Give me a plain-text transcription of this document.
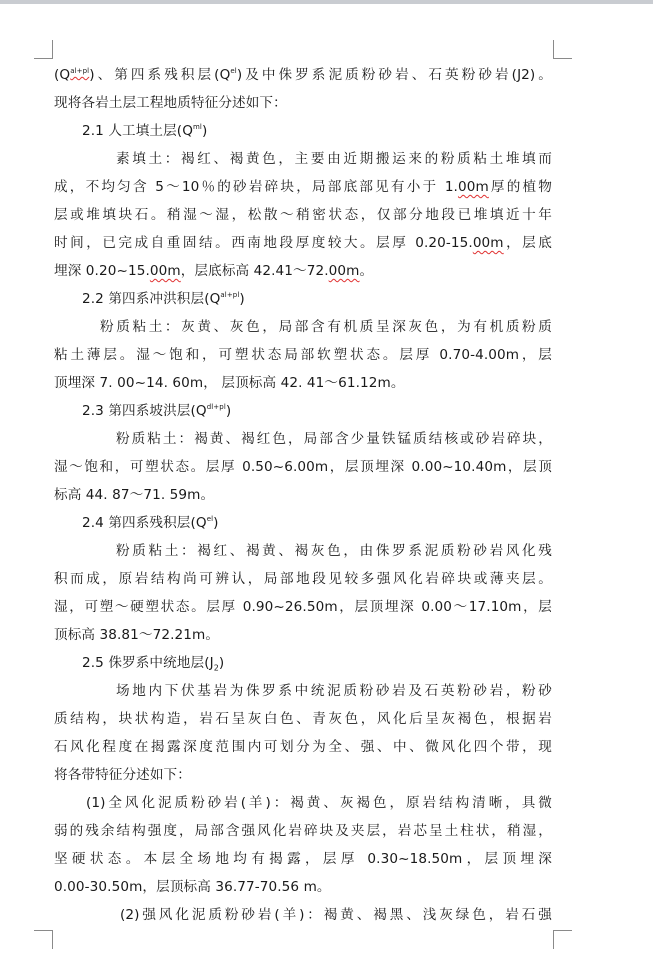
$(Q^{al+pl})$、第四系残积层$(Q^{el})$及中侏罗系泥质粉砂岩、石英粉砂岩(J2)。
现将各岩土层工程地质特征分述如下：
2.1 人工填土层$(Q^{ml})$
素填土：褐红、褐黄色，主要由近期搬运来的粉质粘土堆填而
成，不均匀含 5～10％的砂岩碎块，局部底部见有小于 1.00m厚的植物
层或堆填块石。稍湿～湿，松散～稍密状态，仅部分地段已堆填近十年
时间，已完成自重固结。西南地段厚度较大。层厚 0.20-15.00m，层底
埋深 0.20~15.00m，层底标高 42.41～72.00m。
2.2 第四系冲洪积层$(Q^{al+pl})$
粉质粘土：灰黄、灰色，局部含有机质呈深灰色，为有机质粉质
粘土薄层。湿～饱和，可塑状态局部软塑状态。层厚 0.70-4.00m，层
顶埋深 7. 00~14. 60m， 层顶标高 42. 41～61.12m。
2.3 第四系坡洪层$(Q^{dl+pl})$
粉质粘土：褐黄、褐红色，局部含少量铁锰质结核或砂岩碎块，
湿～饱和，可塑状态。层厚 0.50~6.00m，层顶埋深 0.00~10.40m，层顶
标高 44. 87～71. 59m。
2.4 第四系残积层$(Q^{el})$
粉质粘土：褐红、褐黄、褐灰色，由侏罗系泥质粉砂岩风化残
积而成，原岩结构尚可辨认，局部地段见较多强风化岩碎块或薄夹层。
湿，可塑～硬塑状态。层厚 0.90~26.50m，层顶埋深 0.00～17.10m，层
顶标高 38.81～72.21m。
2.5 侏罗系中统地层$(J_2)$
场地内下伏基岩为侏罗系中统泥质粉砂岩及石英粉砂岩，粉砂
质结构，块状构造，岩石呈灰白色、青灰色，风化后呈灰褐色，根据岩
石风化程度在揭露深度范围内可划分为全、强、中、微风化四个带，现
将各带特征分述如下：
(1)全风化泥质粉砂岩(羊)：褐黄、灰褐色，原岩结构清晰，具微
弱的残余结构强度，局部含强风化岩碎块及夹层，岩芯呈土柱状，稍湿，
坚硬状态。本层全场地均有揭露，层厚 0.30~18.50m，层顶埋深
0.00-30.50m，层顶标高 36.77-70.56 m。
(2)强风化泥质粉砂岩(羊)：褐黄、褐黑、浅灰绿色，岩石强
